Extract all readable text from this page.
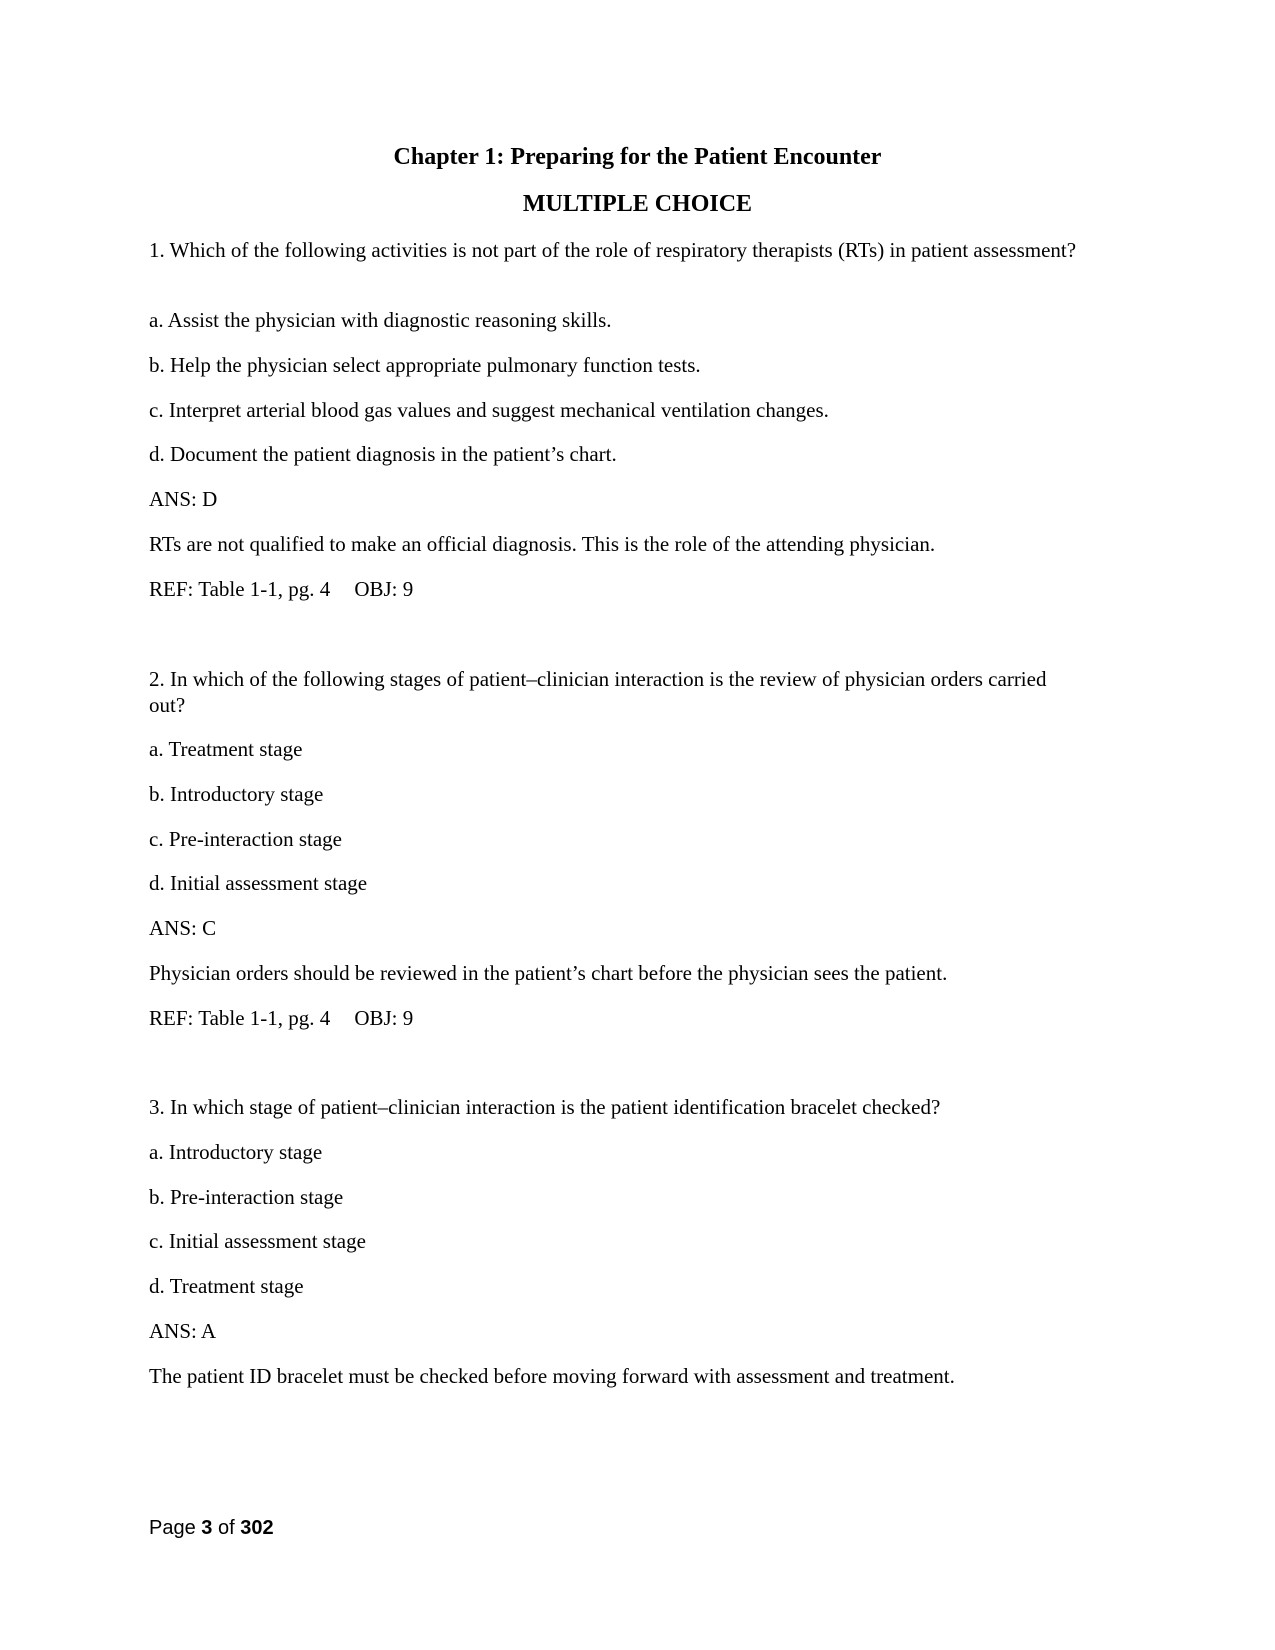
Chapter 1: Preparing for the Patient Encounter
MULTIPLE CHOICE
1. Which of the following activities is not part of the role of respiratory therapists (RTs) in patient assessment?
a. Assist the physician with diagnostic reasoning skills.
b. Help the physician select appropriate pulmonary function tests.
c. Interpret arterial blood gas values and suggest mechanical ventilation changes.
d. Document the patient diagnosis in the patient’s chart.
ANS: D
RTs are not qualified to make an official diagnosis. This is the role of the attending physician.
REF: Table 1-1, pg. 4 OBJ: 9
2. In which of the following stages of patient–clinician interaction is the review of physician orders carried out?
a. Treatment stage
b. Introductory stage
c. Pre-interaction stage
d. Initial assessment stage
ANS: C
Physician orders should be reviewed in the patient’s chart before the physician sees the patient.
REF: Table 1-1, pg. 4 OBJ: 9
3. In which stage of patient–clinician interaction is the patient identification bracelet checked?
a. Introductory stage
b. Pre-interaction stage
c. Initial assessment stage
d. Treatment stage
ANS: A
The patient ID bracelet must be checked before moving forward with assessment and treatment.
Page 3 of 302
